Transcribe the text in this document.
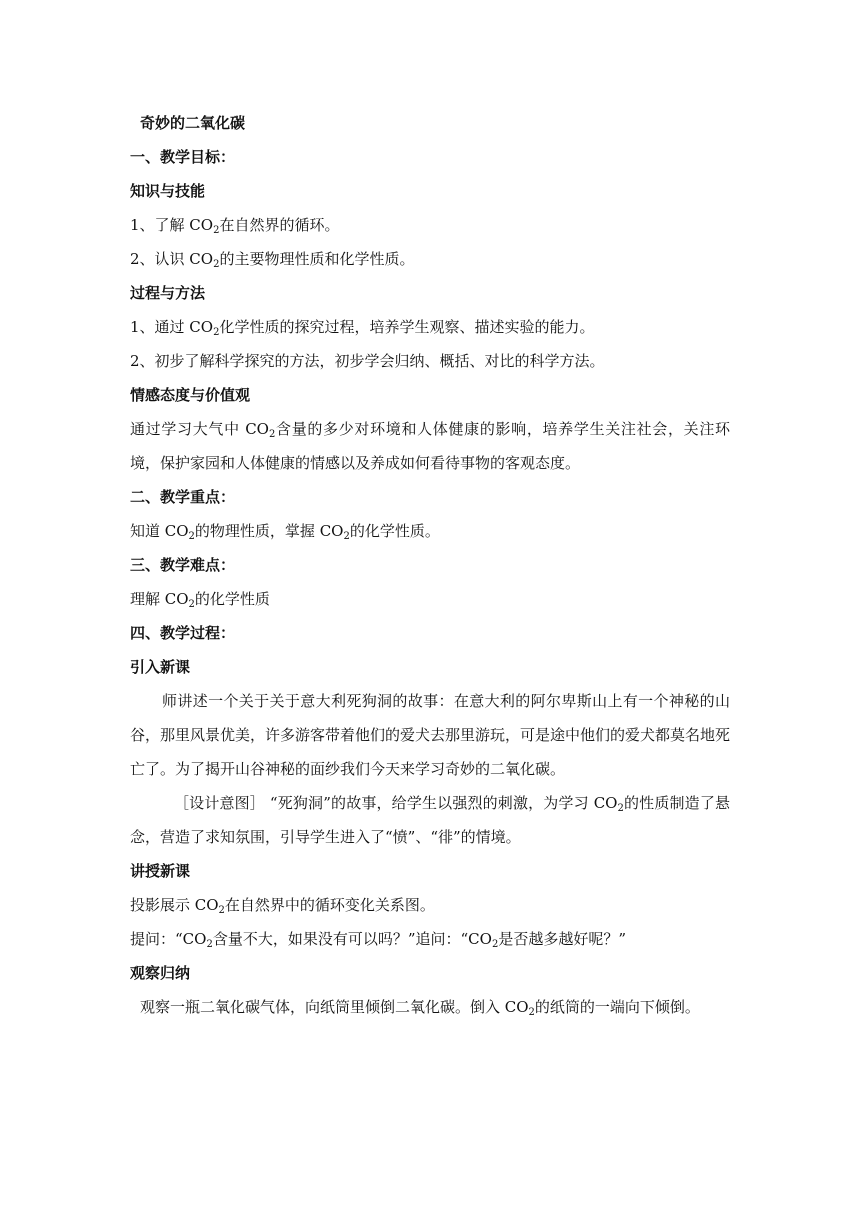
奇妙的二氧化碳
一、教学目标：
知识与技能
1、了解 $CO_2$在自然界的循环。
2、认识 $CO_2$的主要物理性质和化学性质。
过程与方法
1、通过 $CO_2$化学性质的探究过程，培养学生观察、描述实验的能力。
2、初步了解科学探究的方法，初步学会归纳、概括、对比的科学方法。
情感态度与价值观
通过学习大气中 $CO_2$含量的多少对环境和人体健康的影响，培养学生关注社会，关注环境，保护家园和人体健康的情感以及养成如何看待事物的客观态度。
二、教学重点：
知道 $CO_2$的物理性质，掌握 $CO_2$的化学性质。
三、教学难点：
理解 $CO_2$的化学性质
四、教学过程：
引入新课
师讲述一个关于关于意大利死狗洞的故事：在意大利的阿尔卑斯山上有一个神秘的山谷，那里风景优美，许多游客带着他们的爱犬去那里游玩，可是途中他们的爱犬都莫名地死亡了。为了揭开山谷神秘的面纱我们今天来学习奇妙的二氧化碳。
［设计意图］ “死狗洞”的故事，给学生以强烈的刺激，为学习 $CO_2$的性质制造了悬念，营造了求知氛围，引导学生进入了“愤”、“徘”的情境。
讲授新课
投影展示 $CO_2$在自然界中的循环变化关系图。
提问：“$CO_2$含量不大，如果没有可以吗？”追问：“$CO_2$是否越多越好呢？”
观察归纳
观察一瓶二氧化碳气体，向纸筒里倾倒二氧化碳。倒入 $CO_2$的纸筒的一端向下倾倒。
